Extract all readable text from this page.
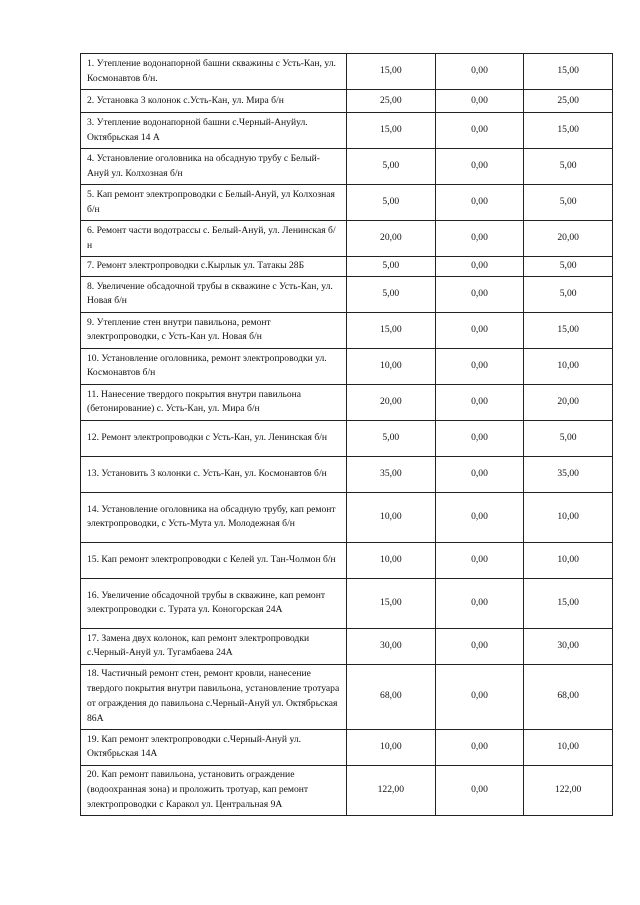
1. Утепление водонапорной башни скважины с Усть-Кан, ул. Космонавтов б/н.	15,00	0,00	15,00
2. Установка 3 колонок с.Усть-Кан, ул. Мира б/н	25,00	0,00	25,00
3. Утепление водонапорной башни с.Черный-Ануйул. Октябрьская 14 А	15,00	0,00	15,00
4. Установление оголовника на обсадную трубу с Белый-Ануй ул. Колхозная б/н	5,00	0,00	5,00
5. Кап ремонт электропроводки с Белый-Ануй, ул Колхозная б/н	5,00	0,00	5,00
6. Ремонт части водотрассы с. Белый-Ануй, ул. Ленинская б/н	20,00	0,00	20,00
7. Ремонт электропроводки с.Кырлык ул. Татакы 28Б	5,00	0,00	5,00
8. Увеличение обсадочной трубы в скважине с Усть-Кан, ул. Новая б/н	5,00	0,00	5,00
9. Утепление стен внутри павильона, ремонт электропроводки, с Усть-Кан ул. Новая б/н	15,00	0,00	15,00
10. Установление оголовника, ремонт электропроводки ул. Космонавтов б/н	10,00	0,00	10,00
11. Нанесение твердого покрытия внутри павильона (бетонирование) с. Усть-Кан, ул. Мира б/н	20,00	0,00	20,00
12. Ремонт электропроводки с Усть-Кан, ул. Ленинская б/н	5,00	0,00	5,00
13. Установить 3 колонки с. Усть-Кан, ул. Космонавтов б/н	35,00	0,00	35,00
14. Установление оголовника на обсадную трубу, кап ремонт электропроводки, с Усть-Мута ул. Молодежная б/н	10,00	0,00	10,00
15. Кап ремонт электропроводки с Келей ул. Тан-Чолмон б/н	10,00	0,00	10,00
16. Увеличение обсадочной трубы в скважине, кап ремонт электропроводки с. Турата ул. Коногорская 24А	15,00	0,00	15,00
17. Замена двух колонок, кап ремонт электропроводки с.Черный-Ануй ул. Тугамбаева 24А	30,00	0,00	30,00
18. Частичный ремонт стен, ремонт кровли, нанесение твердого покрытия внутри павильона, установление тротуара от ограждения до павильона с.Черный-Ануй ул. Октябрьская 86А	68,00	0,00	68,00
19. Кап ремонт электропроводки с.Черный-Ануй ул. Октябрьская 14А	10,00	0,00	10,00
20. Кап ремонт павильона, установить ограждение (водоохранная зона) и проложить тротуар, кап ремонт электропроводки с Каракол ул. Центральная 9А	122,00	0,00	122,00
